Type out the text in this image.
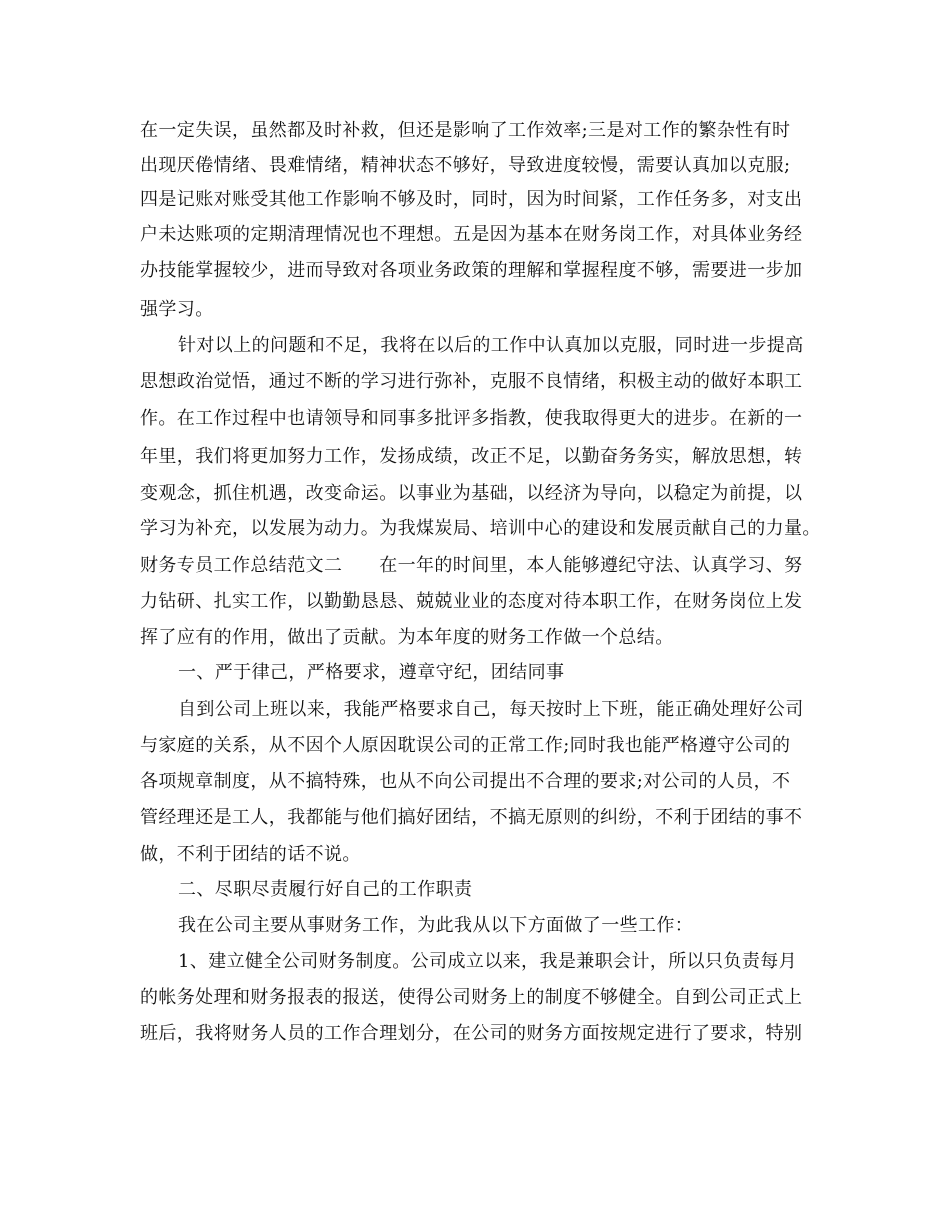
在一定失误，虽然都及时补救，但还是影响了工作效率;三是对工作的繁杂性有时
出现厌倦情绪、畏难情绪，精神状态不够好，导致进度较慢，需要认真加以克服;
四是记账对账受其他工作影响不够及时，同时，因为时间紧，工作任务多，对支出
户未达账项的定期清理情况也不理想。五是因为基本在财务岗工作，对具体业务经
办技能掌握较少，进而导致对各项业务政策的理解和掌握程度不够，需要进一步加
强学习。
针对以上的问题和不足，我将在以后的工作中认真加以克服，同时进一步提高
思想政治觉悟，通过不断的学习进行弥补，克服不良情绪，积极主动的做好本职工
作。在工作过程中也请领导和同事多批评多指教，使我取得更大的进步。在新的一
年里，我们将更加努力工作，发扬成绩，改正不足，以勤奋务务实，解放思想，转
变观念，抓住机遇，改变命运。以事业为基础，以经济为导向，以稳定为前提，以
学习为补充，以发展为动力。为我煤炭局、培训中心的建设和发展贡献自己的力量。
财务专员工作总结范文二　　在一年的时间里，本人能够遵纪守法、认真学习、努
力钻研、扎实工作，以勤勤恳恳、兢兢业业的态度对待本职工作，在财务岗位上发
挥了应有的作用，做出了贡献。为本年度的财务工作做一个总结。
一、严于律己，严格要求，遵章守纪，团结同事
自到公司上班以来，我能严格要求自己，每天按时上下班，能正确处理好公司
与家庭的关系，从不因个人原因耽误公司的正常工作;同时我也能严格遵守公司的
各项规章制度，从不搞特殊，也从不向公司提出不合理的要求;对公司的人员，不
管经理还是工人，我都能与他们搞好团结，不搞无原则的纠纷，不利于团结的事不
做，不利于团结的话不说。
二、尽职尽责履行好自己的工作职责
我在公司主要从事财务工作，为此我从以下方面做了一些工作：
1、建立健全公司财务制度。公司成立以来，我是兼职会计，所以只负责每月
的帐务处理和财务报表的报送，使得公司财务上的制度不够健全。自到公司正式上
班后，我将财务人员的工作合理划分，在公司的财务方面按规定进行了要求，特别
